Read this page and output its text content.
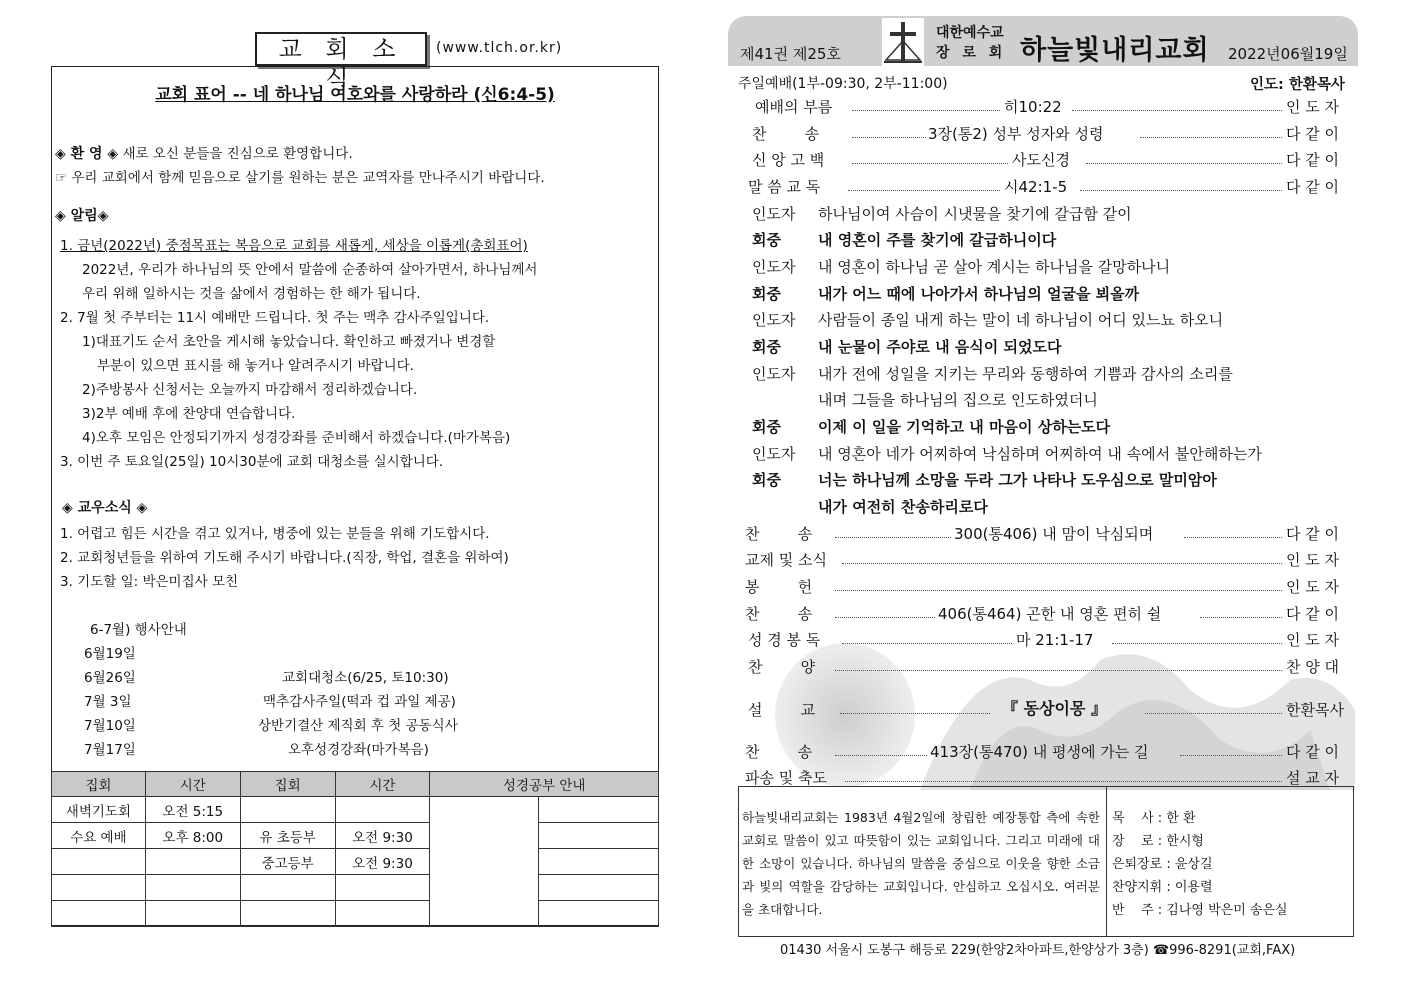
교 회 소 식
(www.tlch.or.kr)
교회 표어 -- 네 하나님 여호와를 사랑하라 (신6:4-5)
◈ 환 영 ◈ 새로 오신 분들을 진심으로 환영합니다.
☞ 우리 교회에서 함께 믿음으로 살기를 원하는 분은 교역자를 만나주시기 바랍니다.
◈ 알림◈
1. 금년(2022년) 중점목표는 복음으로 교회를 새롭게, 세상을 이롭게(총회표어)
2022년, 우리가 하나님의 뜻 안에서 말씀에 순종하여 살아가면서, 하나님께서
우리 위해 일하시는 것을 삶에서 경험하는 한 해가 됩니다.
2. 7월 첫 주부터는 11시 예배만 드립니다. 첫 주는 맥추 감사주일입니다.
1)대표기도 순서 초안을 게시해 놓았습니다. 확인하고 빠졌거나 변경할
부분이 있으면 표시를 해 놓거나 알려주시기 바랍니다.
2)주방봉사 신청서는 오늘까지 마감해서 정리하겠습니다.
3)2부 예배 후에 찬양대 연습합니다.
4)오후 모임은 안정되기까지 성경강좌를 준비해서 하겠습니다.(마가복음)
3. 이번 주 토요일(25일) 10시30분에 교회 대청소를 실시합니다.
◈ 교우소식 ◈
1. 어렵고 힘든 시간을 겪고 있거나, 병중에 있는 분들을 위해 기도합시다.
2. 교회청년들을 위하여 기도해 주시기 바랍니다.(직장, 학업, 결혼을 위하여)
3. 기도할 일: 박은미집사 모친
6-7월) 행사안내
6월19일
6월26일	교회대청소(6/25, 토10:30)
7월 3일	맥추감사주일(떡과 컵 과일 제공)
7월10일	상반기결산 제직회 후 첫 공동식사
7월17일	오후성경강좌(마가복음)
집회	시간	집회	시간	성경공부 안내	
새벽기도회	오전 5:15				
수요 예배	오후 8:00	유 초등부	오전 9:30		
		중고등부	오전 9:30		

제41권 제25호
대한예수교
장 로 회 하늘빛내리교회 2022년06월19일
주일예배(1부-09:30, 2부-11:00)	인도: 한환목사
예배의 부름	히10:22	인 도 자
찬        송	3장(통2) 성부 성자와 성령	다 같 이
신 앙 고 백	사도신경	다 같 이
말 씀 교 독	시42:1-5	다 같 이
인도자 하나님이여 사슴이 시냇물을 찾기에 갈급함 같이
회중 내 영혼이 주를 찾기에 갈급하니이다
인도자 내 영혼이 하나님 곧 살아 계시는 하나님을 갈망하나니
회중 내가 어느 때에 나아가서 하나님의 얼굴을 뵈올까
인도자 사람들이 종일 내게 하는 말이 네 하나님이 어디 있느뇨 하오니
회중 내 눈물이 주야로 내 음식이 되었도다
인도자 내가 전에 성일을 지키는 무리와 동행하여 기쁨과 감사의 소리를
내며 그들을 하나님의 집으로 인도하였더니
회중 이제 이 일을 기억하고 내 마음이 상하는도다
인도자 내 영혼아 네가 어찌하여 낙심하며 어찌하여 내 속에서 불안해하는가
회중 너는 하나님께 소망을 두라 그가 나타나 도우심으로 말미암아
내가 여전히 찬송하리로다
찬        송	300(통406) 내 맘이 낙심되며	다 같 이
교제 및 소식	인 도 자
봉        헌	인 도 자
찬        송	406(통464) 곤한 내 영혼 편히 쉴	다 같 이
성 경 봉 독	마 21:1-17	인 도 자
찬        양	찬 양 대
설        교	『 동상이몽 』	한환목사
찬        송	413장(통470) 내 평생에 가는 길	다 같 이
파송 및 축도	설 교 자
하늘빛내리교회는 1983년 4월2일에 창립한 예장통합 측에 속한 교회로 말씀이 있고 따뜻함이 있는 교회입니다. 그리고 미래에 대한 소망이 있습니다. 하나님의 말씀을 중심으로 이웃을 향한 소금과 빛의 역할을 감당하는 교회입니다. 안심하고 오십시오. 여러분을 초대합니다.
목    사 : 한 환
장    로 : 한시형
은퇴장로 : 윤상길
찬양지휘 : 이용렬
반    주 : 김나영 박은미 송은실
01430 서울시 도봉구 해등로 229(한양2차아파트,한양상가 3층) ☎996-8291(교회,FAX)
